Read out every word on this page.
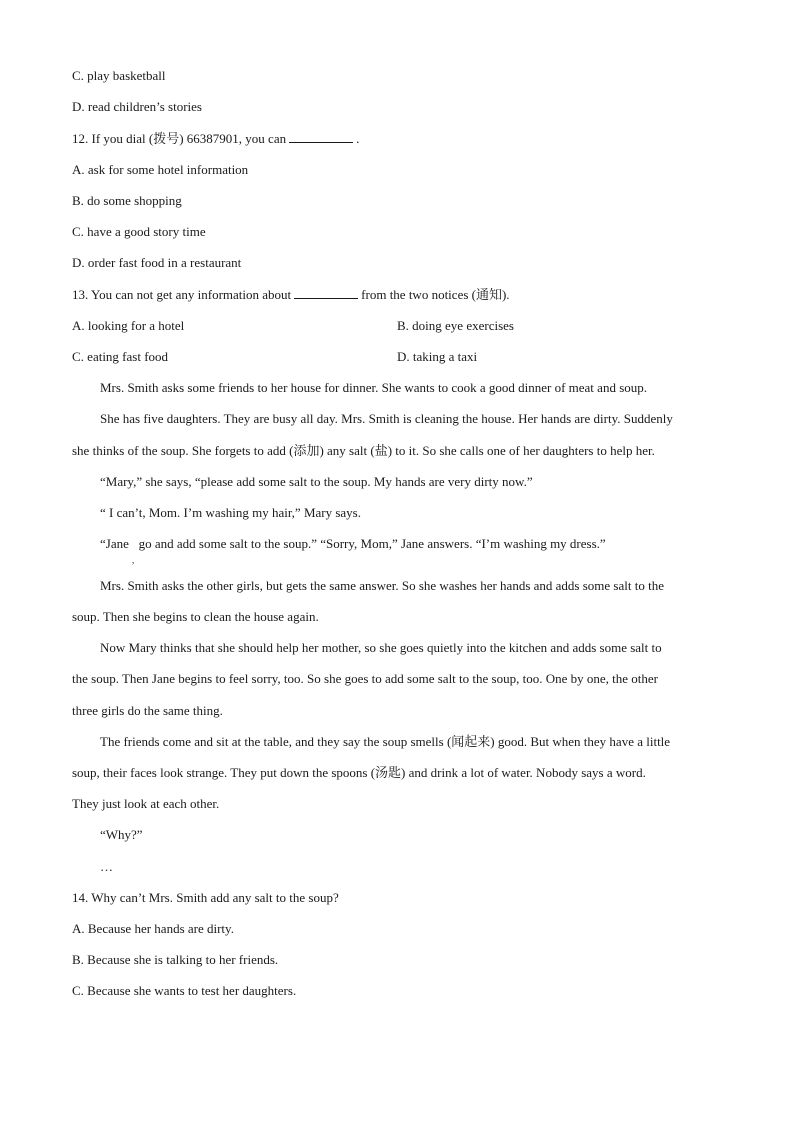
C. play basketball
D. read children’s stories
12. If you dial (拨号) 66387901, you can	.
A. ask for some hotel information
B. do some shopping
C. have a good story time
D. order fast food in a restaurant
13. You can not get any information about	from the two notices (通知).
A. looking for a hotel	B. doing eye exercises
C. eating fast food	D. taking a taxi
Mrs. Smith asks some friends to her house for dinner. She wants to cook a good dinner of meat and soup.
She has five daughters. They are busy all day. Mrs. Smith is cleaning the house. Her hands are dirty. Suddenly
she thinks of the soup. She forgets to add (添加) any salt (盐) to it. So she calls one of her daughters to help her.
“Mary,” she says, “please add some salt to the soup. My hands are very dirty now.”
“ I can’t, Mom. I’m washing my hair,” Mary says.
“Jane   go and add some salt to the soup.” “Sorry, Mom,” Jane answers. “I’m washing my dress.”
,
Mrs. Smith asks the other girls, but gets the same answer. So she washes her hands and adds some salt to the
soup. Then she begins to clean the house again.
Now Mary thinks that she should help her mother, so she goes quietly into the kitchen and adds some salt to
the soup. Then Jane begins to feel sorry, too. So she goes to add some salt to the soup, too. One by one, the other
three girls do the same thing.
The friends come and sit at the table, and they say the soup smells (闻起来) good. But when they have a little
soup, their faces look strange. They put down the spoons (汤匙) and drink a lot of water. Nobody says a word.
They just look at each other.
“Why?”
…
14. Why can’t Mrs. Smith add any salt to the soup?
A. Because her hands are dirty.
B. Because she is talking to her friends.
C. Because she wants to test her daughters.
